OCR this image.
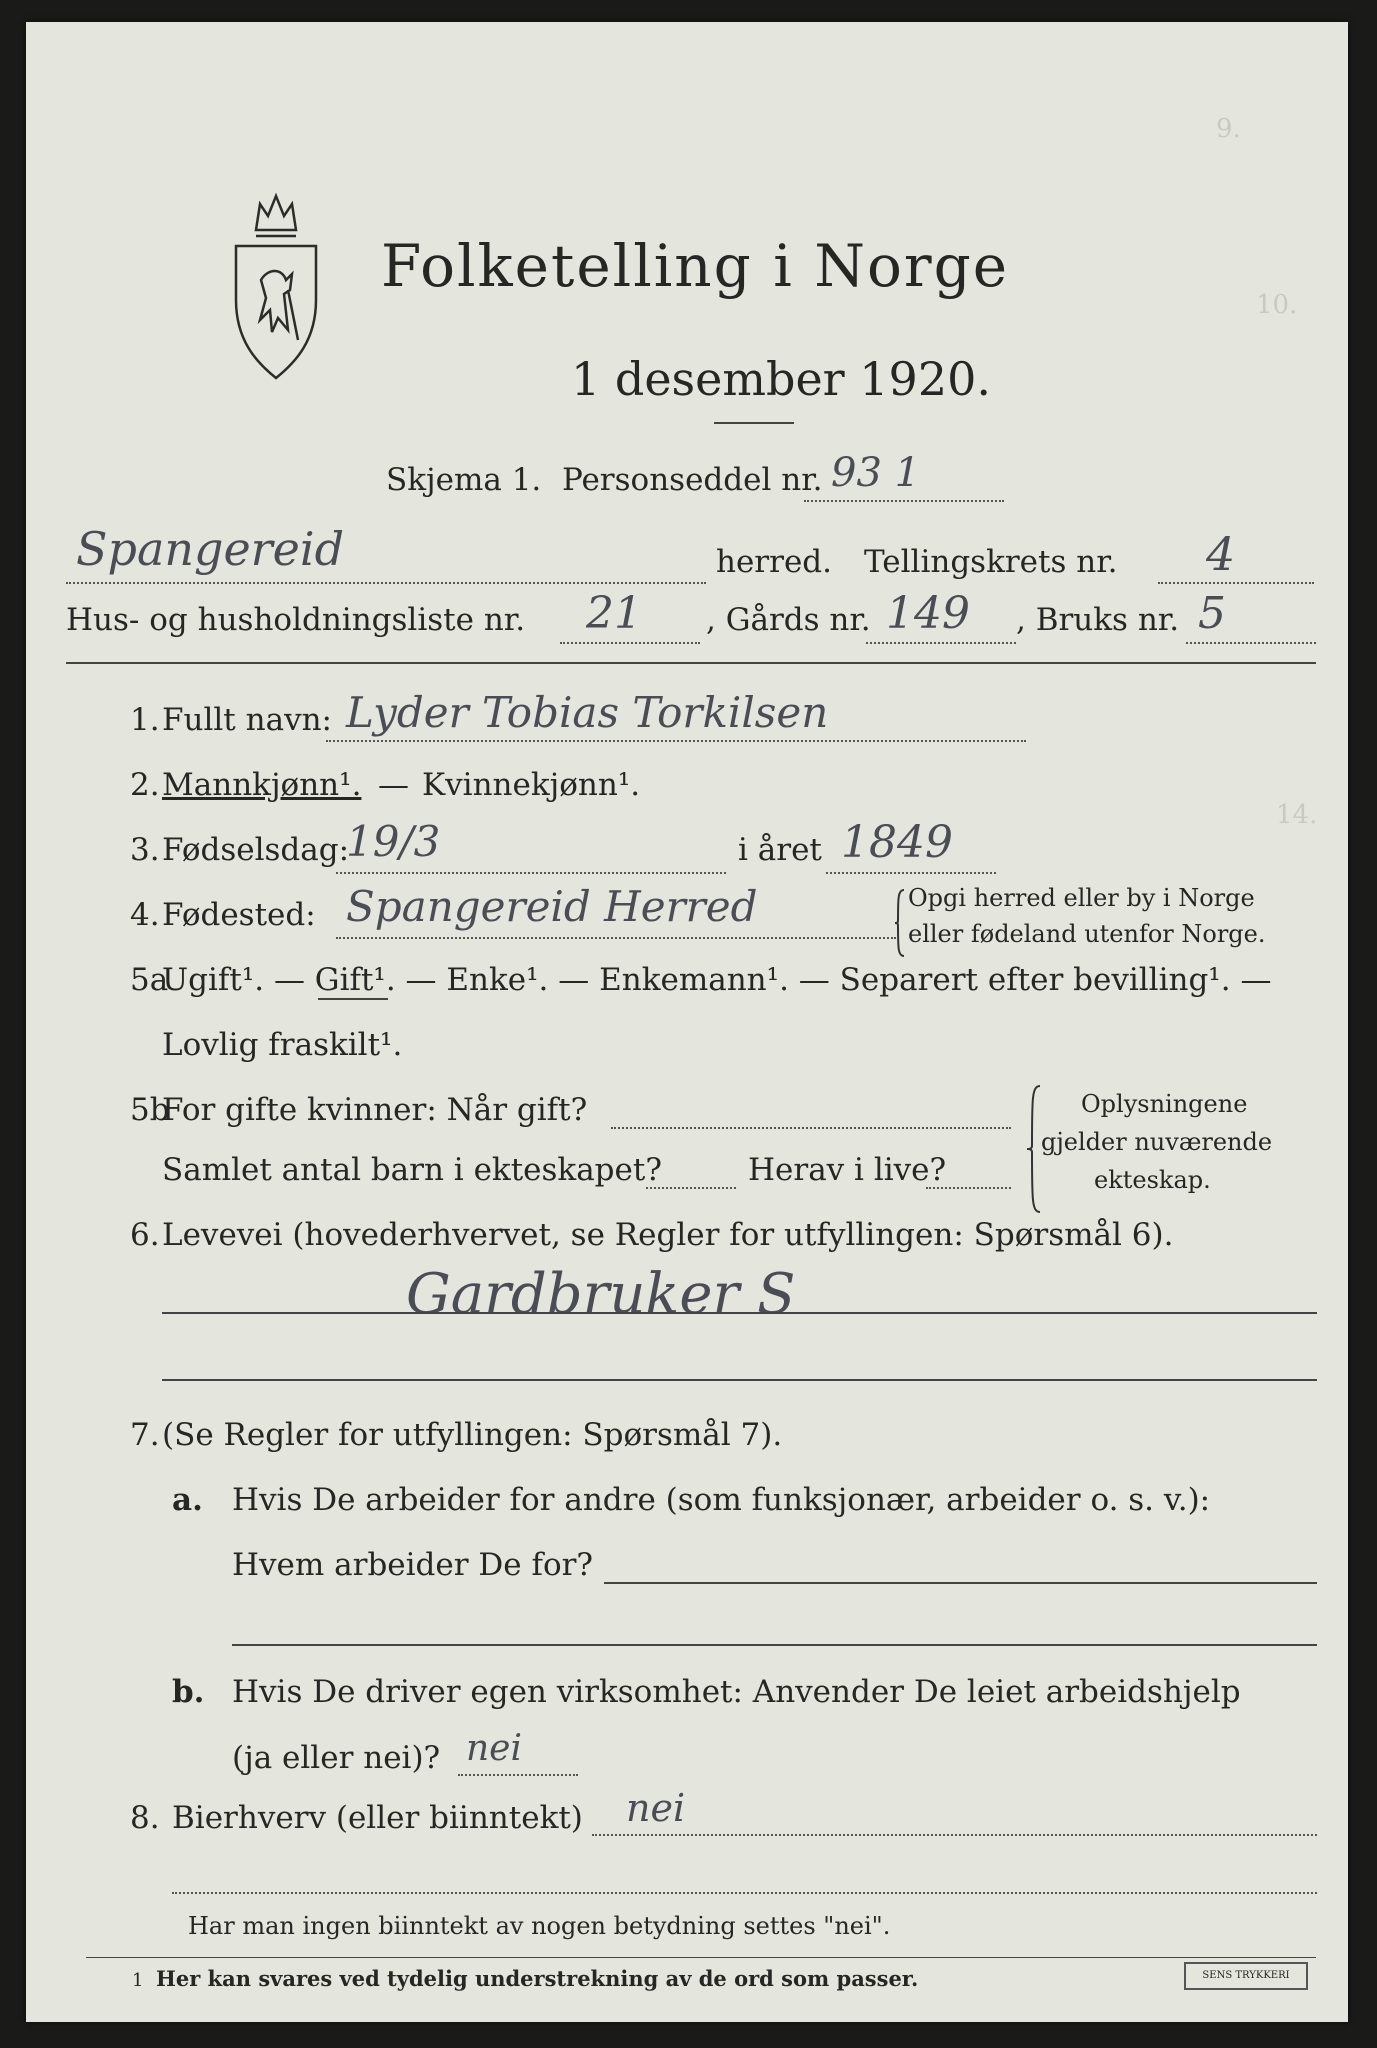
9.
10.
14.
Folketelling i Norge
1 desember 1920.
Skjema 1. Personseddel nr. 93 1
Spangereid	herred. Tellingskrets nr. 4
Hus- og husholdningsliste nr. 21 , Gårds nr. 149 , Bruks nr. 5
1. Fullt navn: Lyder Tobias Torkilsen
2. Mannkjønn¹. — Kvinnekjønn¹.
3. Fødselsdag:
19/3	i året 1849
4. Fødested: Spangereid Herred	Opgi herred eller by i Norge
eller fødeland utenfor Norge.
5a
Ugift¹. — Gift¹. — Enke¹. — Enkemann¹. — Separert efter bevilling¹. —
Lovlig fraskilt¹.
5b
For gifte kvinner: Når gift?
Samlet antal barn i ekteskapet?	Herav i live?
Oplysningene
gjelder nuværende
ekteskap.
6. Levevei (hovederhvervet, se Regler for utfyllingen: Spørsmål 6).
Gardbruker S
7. (Se Regler for utfyllingen: Spørsmål 7).
a. Hvis De arbeider for andre (som funksjonær, arbeider o. s. v.):
Hvem arbeider De for?
b. Hvis De driver egen virksomhet: Anvender De leiet arbeidshjelp
(ja eller nei)? nei
8. Bierhverv (eller biinntekt) nei
Har man ingen biinntekt av nogen betydning settes "nei".
1 Her kan svares ved tydelig understrekning av de ord som passer.	SENS TRYKKERI
